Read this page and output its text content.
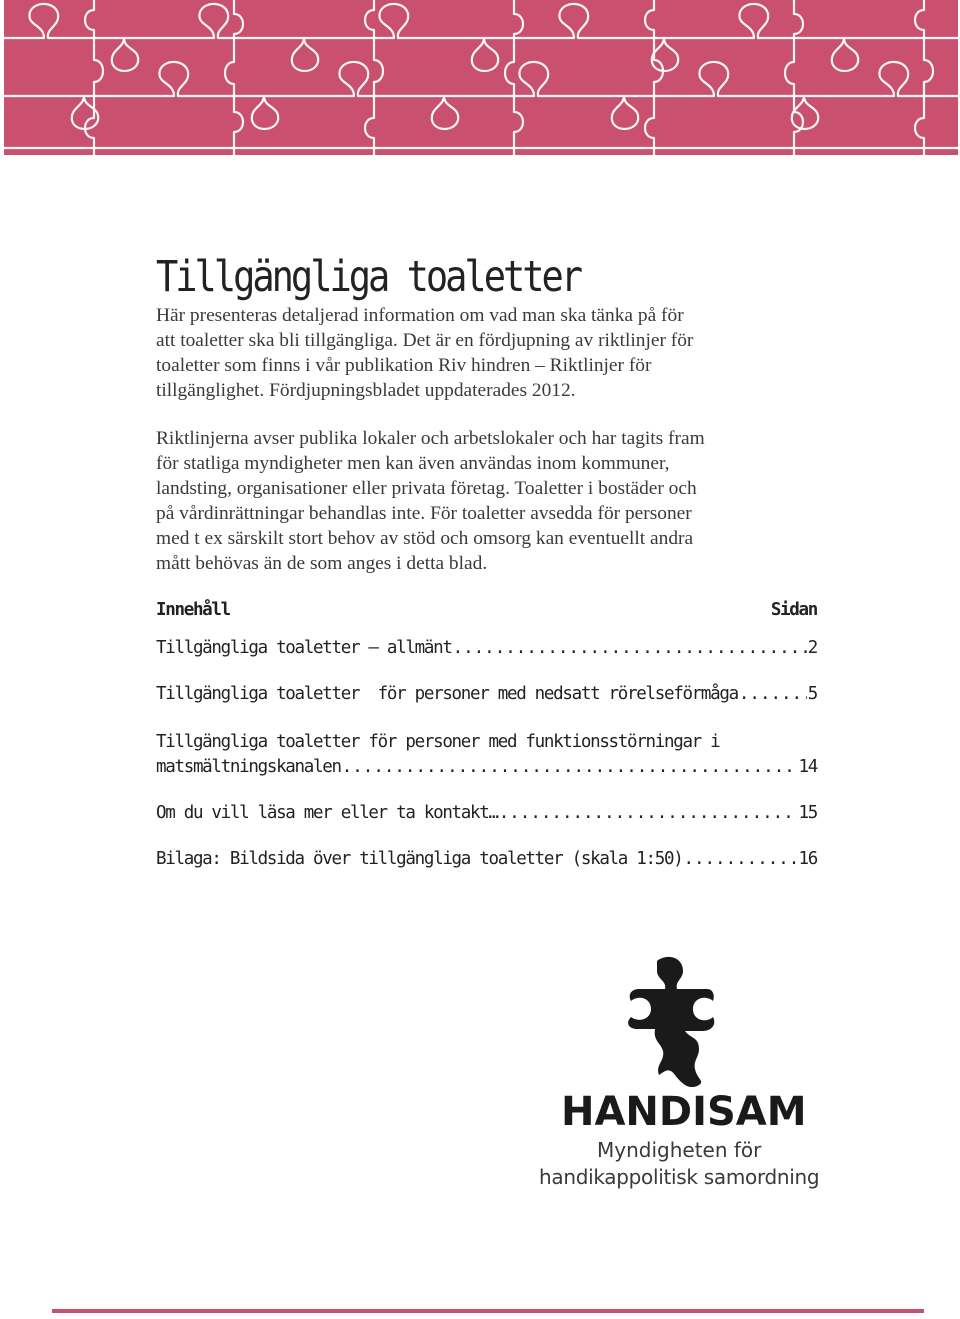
Tillgängliga toaletter

Här presenteras detaljerad information om vad man ska tänka på för
att toaletter ska bli tillgängliga. Det är en fördjupning av riktlinjer för
toaletter som finns i vår publikation Riv hindren – Riktlinjer för
tillgänglighet. Fördjupningsbladet uppdaterades 2012.

Riktlinjerna avser publika lokaler och arbetslokaler och har tagits fram
för statliga myndigheter men kan även användas inom kommuner,
landsting, organisationer eller privata företag. Toaletter i bostäder och
på vårdinrättningar behandlas inte. För toaletter avsedda för personer
med t ex särskilt stort behov av stöd och omsorg kan eventuellt andra
mått behövas än de som anges i detta blad.

Innehåll	Sidan
Tillgängliga toaletter – allmänt .....	2
Tillgängliga toaletter  för personer med nedsatt rörelseförmåga .....	5
Tillgängliga toaletter för personer med funktionsstörningar i
matsmältningskanalen .....	14
Om du vill läsa mer eller ta kontakt… .....	15
Bilaga: Bildsida över tillgängliga toaletter (skala 1:50) .....	16

HANDISAM

Myndigheten för

handikappolitisk samordning
